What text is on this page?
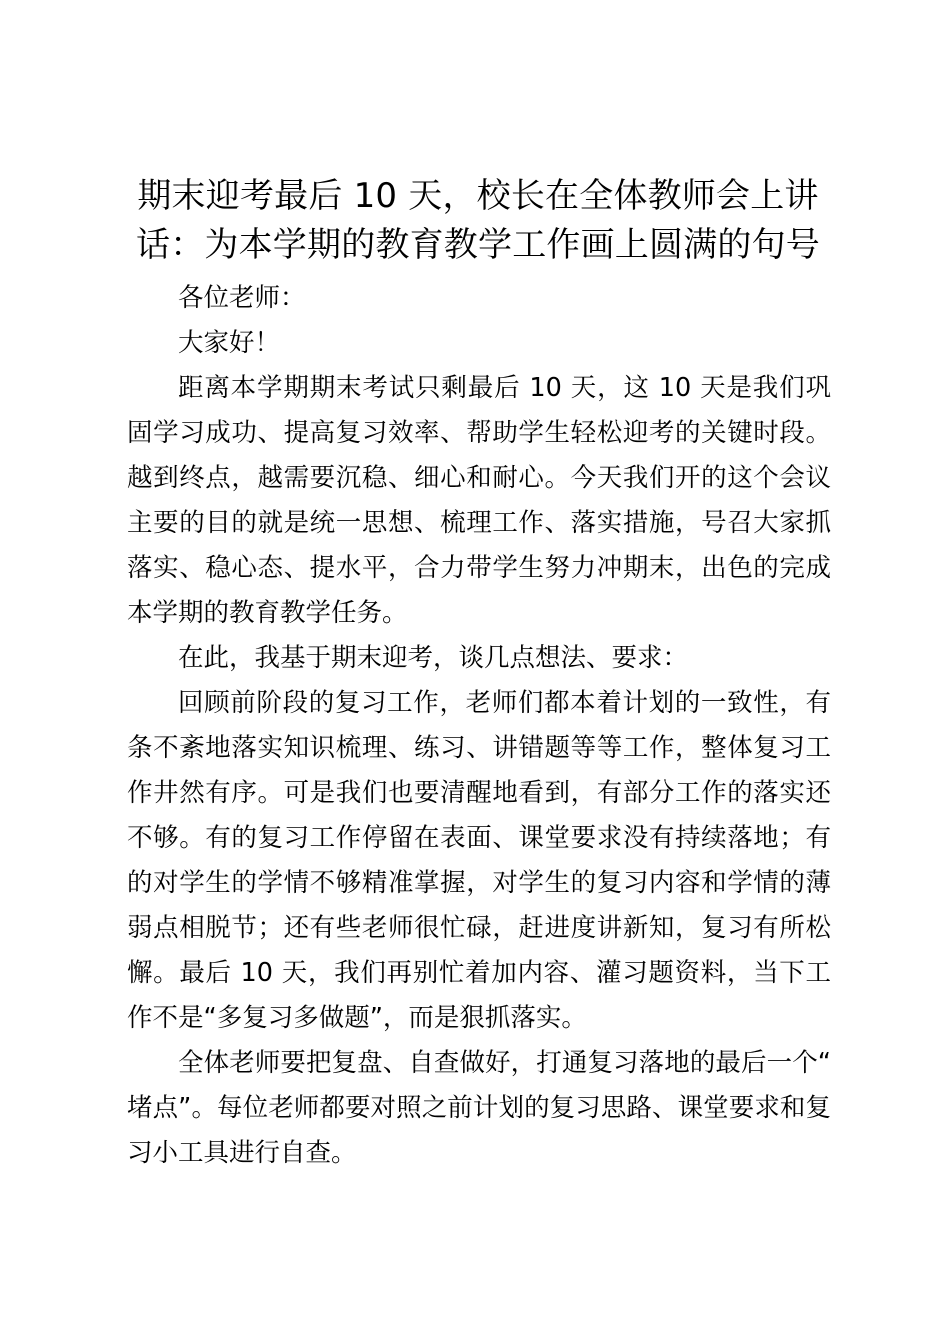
期末迎考最后 10 天，校长在全体教师会上讲话：为本学期的教育教学工作画上圆满的句号

各位老师：

大家好！

距离本学期期末考试只剩最后 10 天，这 10 天是我们巩固学习成功、提高复习效率、帮助学生轻松迎考的关键时段。越到终点，越需要沉稳、细心和耐心。今天我们开的这个会议主要的目的就是统一思想、梳理工作、落实措施，号召大家抓落实、稳心态、提水平，合力带学生努力冲期末，出色的完成本学期的教育教学任务。

在此，我基于期末迎考，谈几点想法、要求：

回顾前阶段的复习工作，老师们都本着计划的一致性，有条不紊地落实知识梳理、练习、讲错题等等工作，整体复习工作井然有序。可是我们也要清醒地看到，有部分工作的落实还不够。有的复习工作停留在表面、课堂要求没有持续落地；有的对学生的学情不够精准掌握，对学生的复习内容和学情的薄弱点相脱节；还有些老师很忙碌，赶进度讲新知，复习有所松懈。最后 10 天，我们再别忙着加内容、灌习题资料，当下工作不是“多复习多做题”，而是狠抓落实。

全体老师要把复盘、自查做好，打通复习落地的最后一个“堵点”。每位老师都要对照之前计划的复习思路、课堂要求和复习小工具进行自查。
